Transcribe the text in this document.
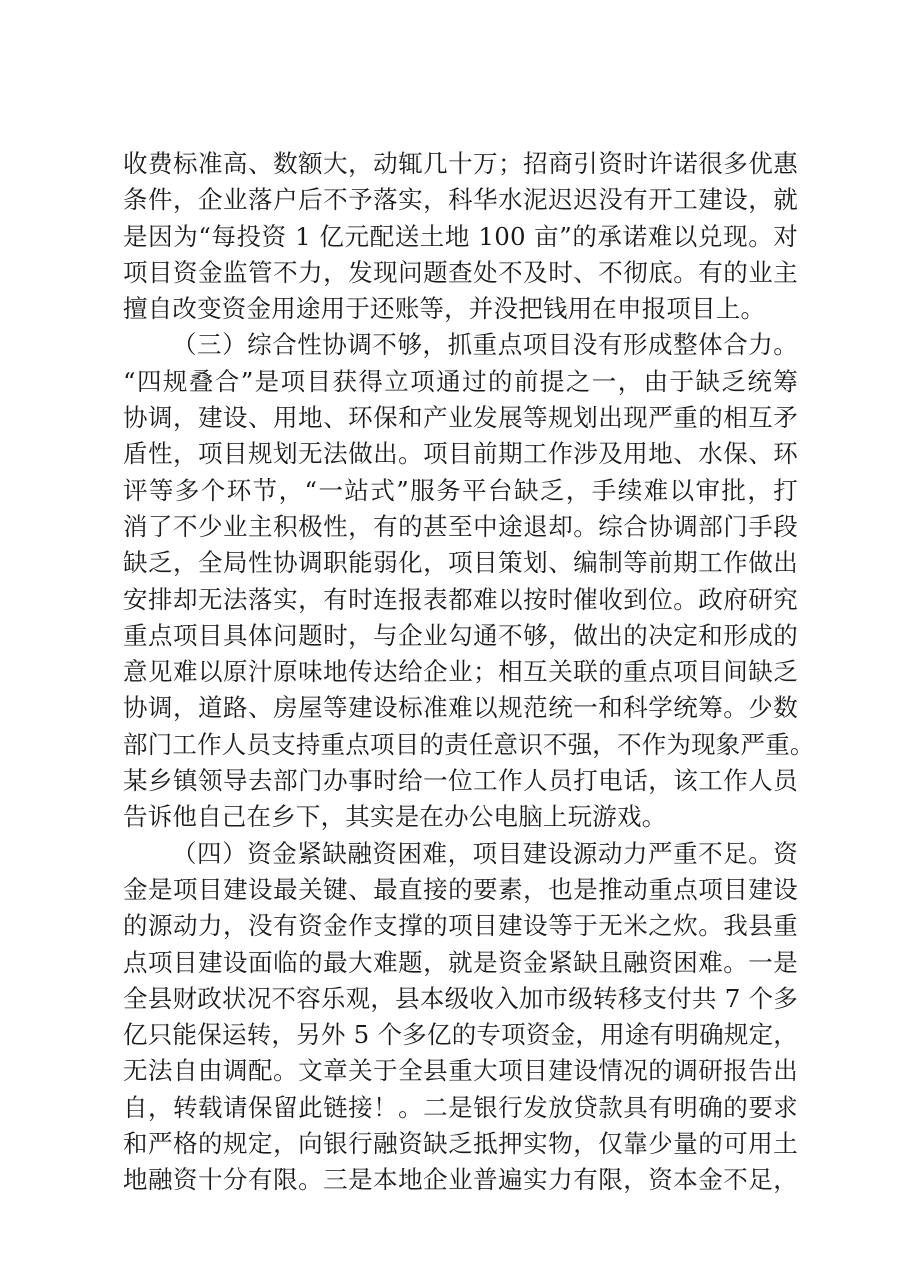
收费标准高、数额大，动辄几十万；招商引资时许诺很多优惠
条件，企业落户后不予落实，科华水泥迟迟没有开工建设，就
是因为“每投资 1 亿元配送土地 100 亩”的承诺难以兑现。对
项目资金监管不力，发现问题查处不及时、不彻底。有的业主
擅自改变资金用途用于还账等，并没把钱用在申报项目上。
（三）综合性协调不够，抓重点项目没有形成整体合力。
“四规叠合”是项目获得立项通过的前提之一，由于缺乏统筹
协调，建设、用地、环保和产业发展等规划出现严重的相互矛
盾性，项目规划无法做出。项目前期工作涉及用地、水保、环
评等多个环节，“一站式”服务平台缺乏，手续难以审批，打
消了不少业主积极性，有的甚至中途退却。综合协调部门手段
缺乏，全局性协调职能弱化，项目策划、编制等前期工作做出
安排却无法落实，有时连报表都难以按时催收到位。政府研究
重点项目具体问题时，与企业勾通不够，做出的决定和形成的
意见难以原汁原味地传达给企业；相互关联的重点项目间缺乏
协调，道路、房屋等建设标准难以规范统一和科学统筹。少数
部门工作人员支持重点项目的责任意识不强，不作为现象严重。
某乡镇领导去部门办事时给一位工作人员打电话，该工作人员
告诉他自己在乡下，其实是在办公电脑上玩游戏。
（四）资金紧缺融资困难，项目建设源动力严重不足。资
金是项目建设最关键、最直接的要素，也是推动重点项目建设
的源动力，没有资金作支撑的项目建设等于无米之炊。我县重
点项目建设面临的最大难题，就是资金紧缺且融资困难。一是
全县财政状况不容乐观，县本级收入加市级转移支付共 7 个多
亿只能保运转，另外 5 个多亿的专项资金，用途有明确规定，
无法自由调配。文章关于全县重大项目建设情况的调研报告出
自，转载请保留此链接！。二是银行发放贷款具有明确的要求
和严格的规定，向银行融资缺乏抵押实物，仅靠少量的可用土
地融资十分有限。三是本地企业普遍实力有限，资本金不足，
